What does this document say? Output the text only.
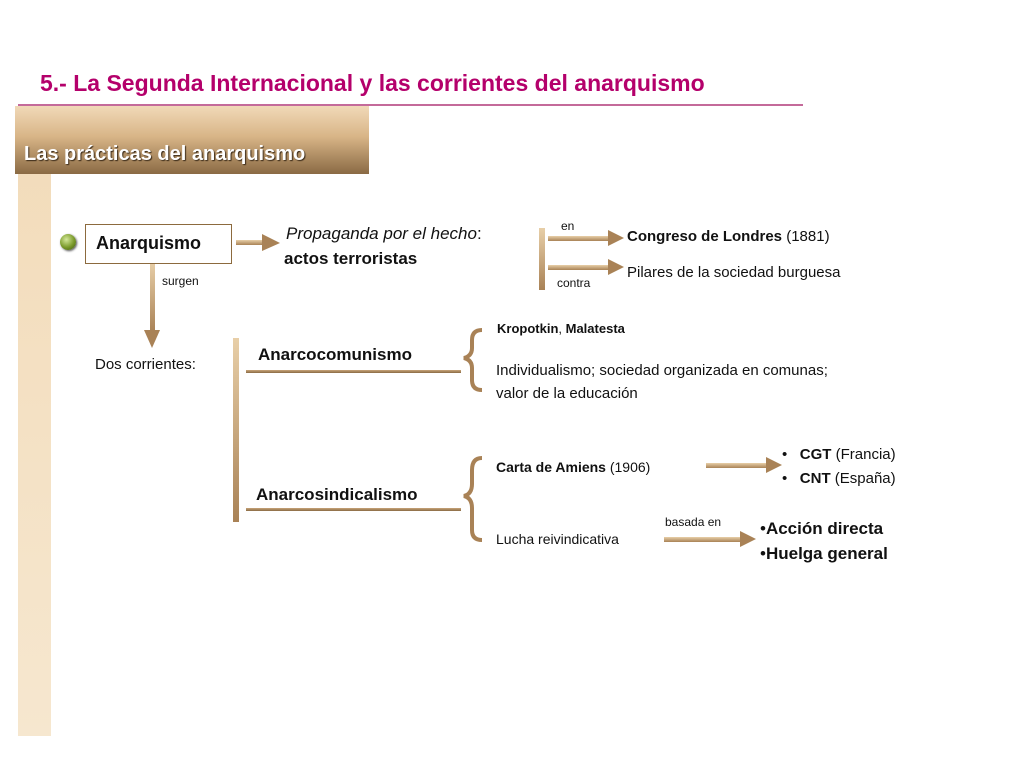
5.- La Segunda Internacional y las corrientes del anarquismo
Las prácticas del anarquismo
Anarquismo	Propaganda por el hecho:
actos terroristas
en
contra
Congreso de Londres (1881)
Pilares de la sociedad burguesa
surgen
Dos corrientes:
Anarcocomunismo
Kropotkin, Malatesta
Individualismo; sociedad organizada en comunas;
valor de la educación
Anarcosindicalismo
Carta de Amiens (1906)
• CGT (Francia)
• CNT (España)
Lucha reivindicativa
basada en •Acción directa
•Huelga general
